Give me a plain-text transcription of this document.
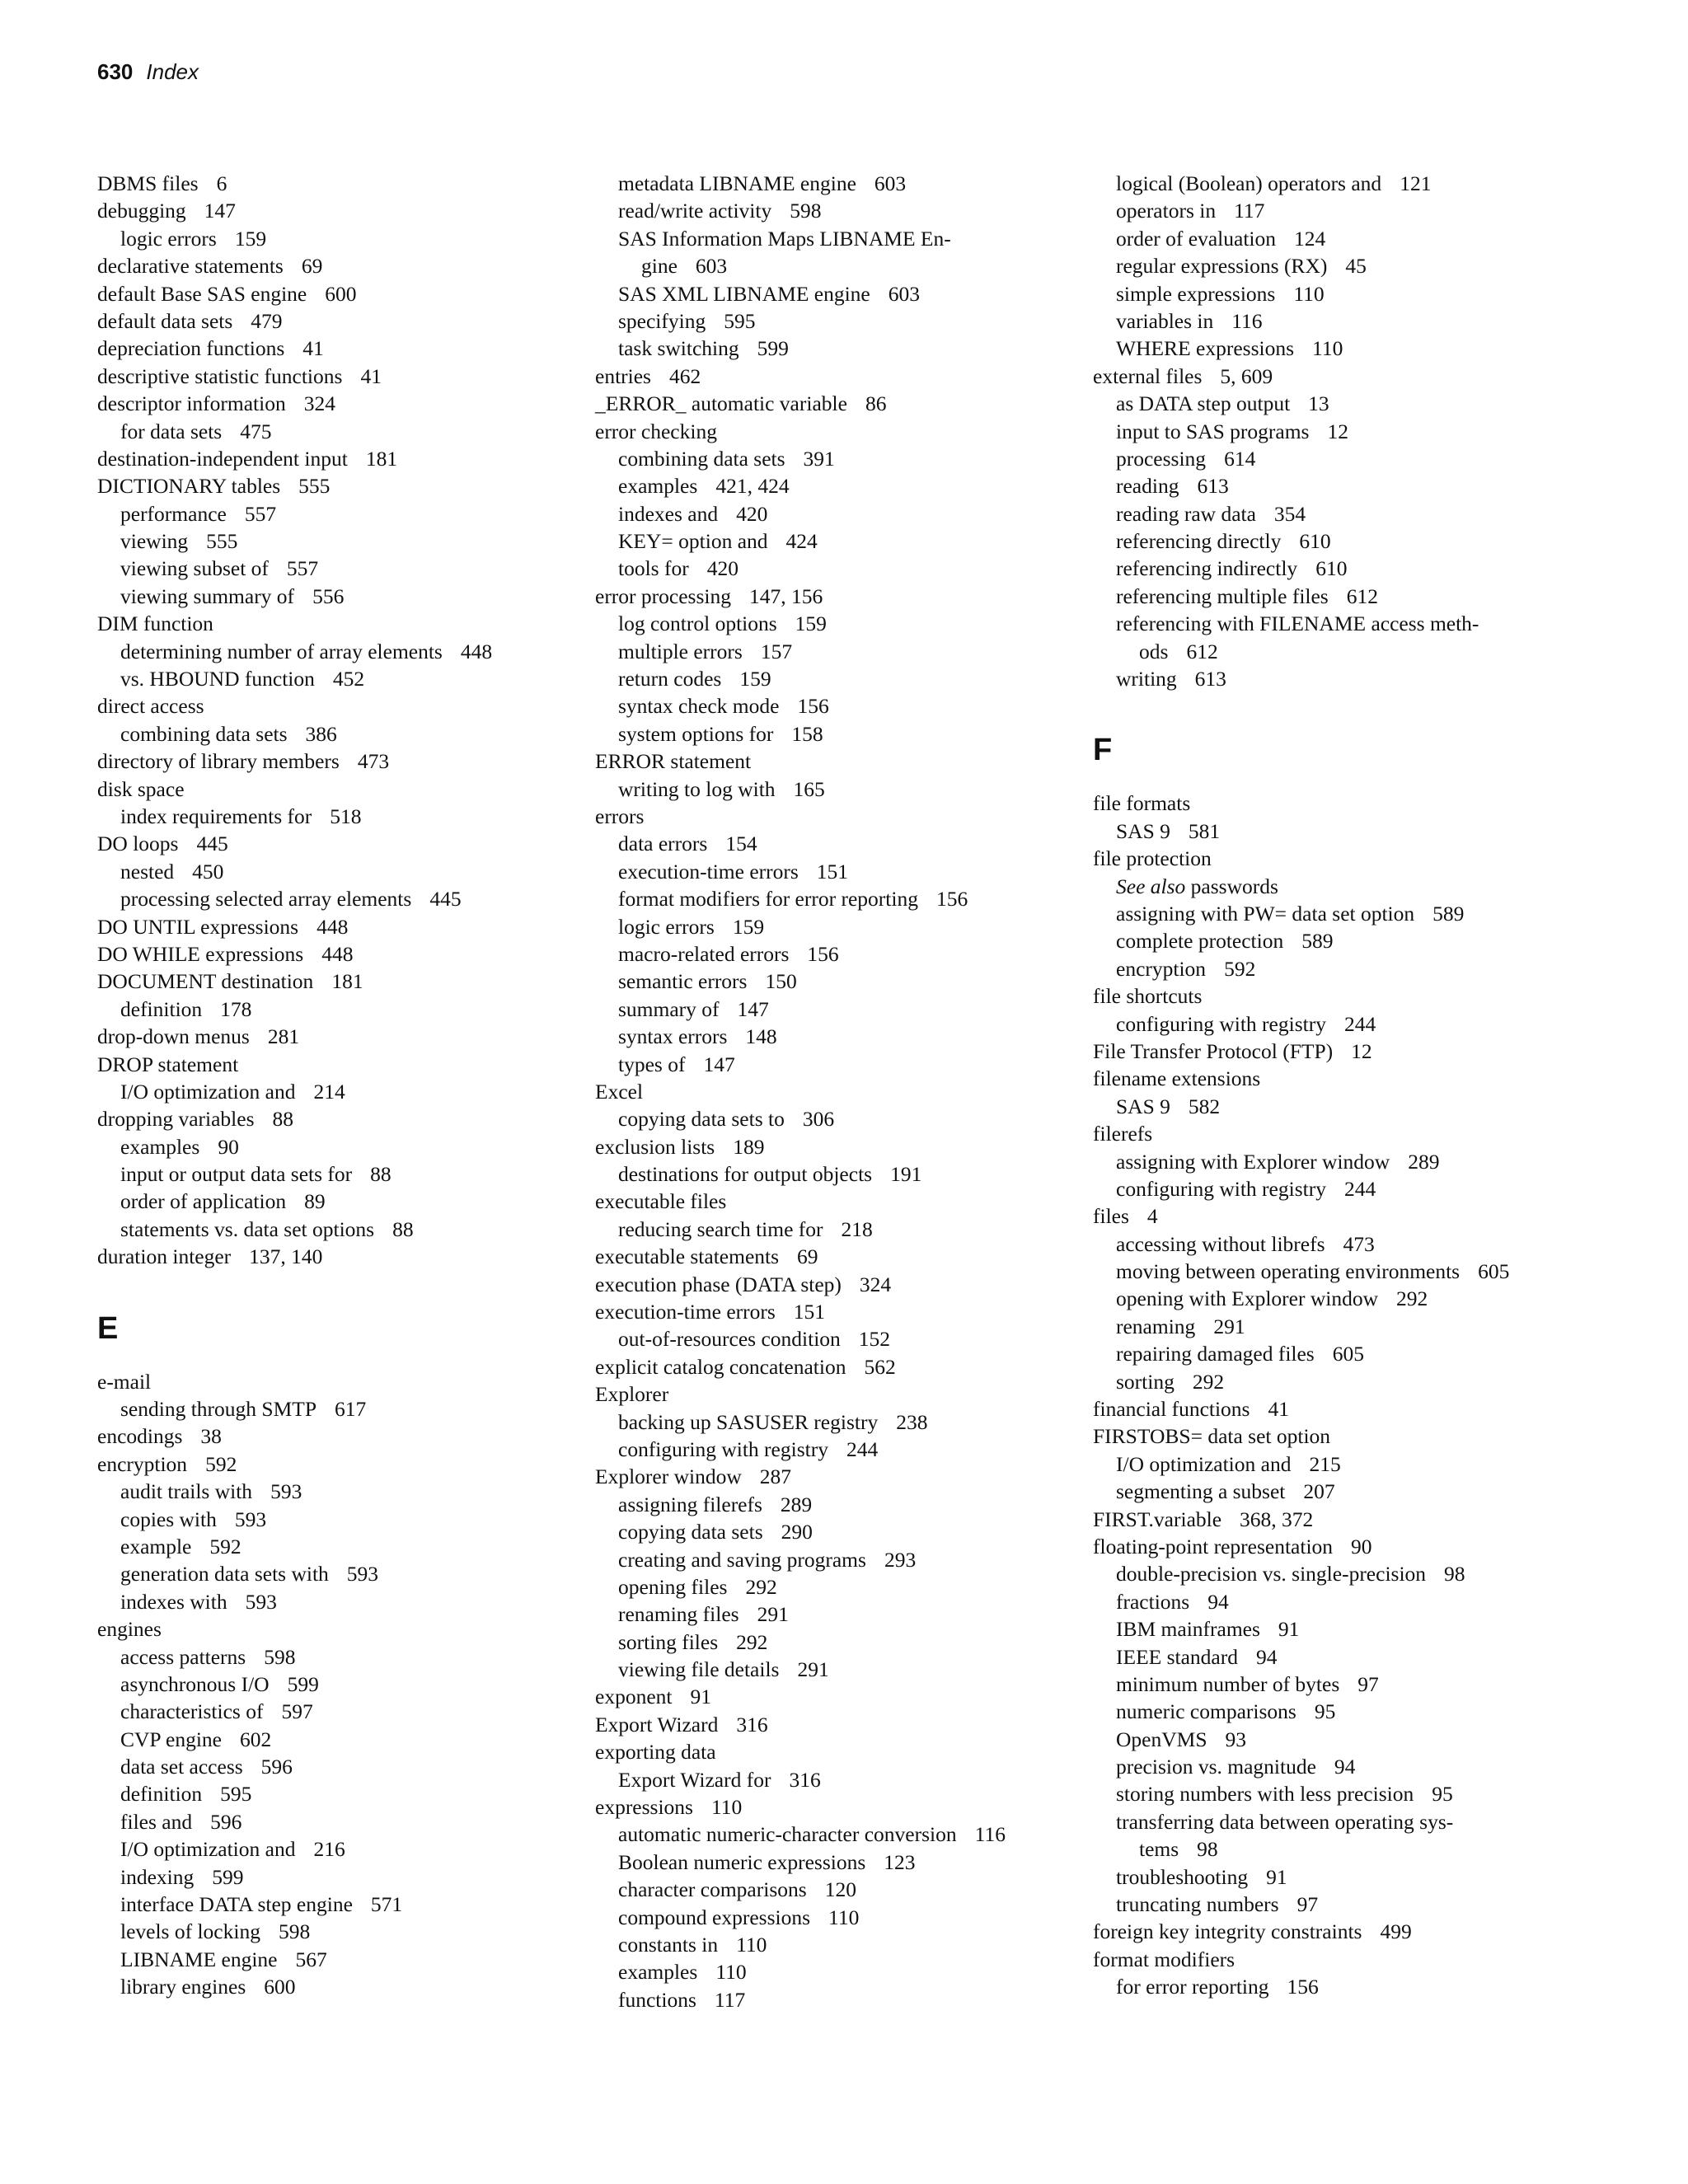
630 Index
DBMS files 6
debugging 147
logic errors 159
declarative statements 69
default Base SAS engine 600
default data sets 479
depreciation functions 41
descriptive statistic functions 41
descriptor information 324
for data sets 475
destination-independent input 181
DICTIONARY tables 555
performance 557
viewing 555
viewing subset of 557
viewing summary of 556
DIM function
determining number of array elements 448
vs. HBOUND function 452
direct access
combining data sets 386
directory of library members 473
disk space
index requirements for 518
DO loops 445
nested 450
processing selected array elements 445
DO UNTIL expressions 448
DO WHILE expressions 448
DOCUMENT destination 181
definition 178
drop-down menus 281
DROP statement
I/O optimization and 214
dropping variables 88
examples 90
input or output data sets for 88
order of application 89
statements vs. data set options 88
duration integer 137, 140
E
e-mail
sending through SMTP 617
encodings 38
encryption 592
audit trails with 593
copies with 593
example 592
generation data sets with 593
indexes with 593
engines
access patterns 598
asynchronous I/O 599
characteristics of 597
CVP engine 602
data set access 596
definition 595
files and 596
I/O optimization and 216
indexing 599
interface DATA step engine 571
levels of locking 598
LIBNAME engine 567
library engines 600
metadata LIBNAME engine 603
read/write activity 598
SAS Information Maps LIBNAME En-
gine 603
SAS XML LIBNAME engine 603
specifying 595
task switching 599
entries 462
_ERROR_ automatic variable 86
error checking
combining data sets 391
examples 421, 424
indexes and 420
KEY= option and 424
tools for 420
error processing 147, 156
log control options 159
multiple errors 157
return codes 159
syntax check mode 156
system options for 158
ERROR statement
writing to log with 165
errors
data errors 154
execution-time errors 151
format modifiers for error reporting 156
logic errors 159
macro-related errors 156
semantic errors 150
summary of 147
syntax errors 148
types of 147
Excel
copying data sets to 306
exclusion lists 189
destinations for output objects 191
executable files
reducing search time for 218
executable statements 69
execution phase (DATA step) 324
execution-time errors 151
out-of-resources condition 152
explicit catalog concatenation 562
Explorer
backing up SASUSER registry 238
configuring with registry 244
Explorer window 287
assigning filerefs 289
copying data sets 290
creating and saving programs 293
opening files 292
renaming files 291
sorting files 292
viewing file details 291
exponent 91
Export Wizard 316
exporting data
Export Wizard for 316
expressions 110
automatic numeric-character conversion 116
Boolean numeric expressions 123
character comparisons 120
compound expressions 110
constants in 110
examples 110
functions 117
logical (Boolean) operators and 121
operators in 117
order of evaluation 124
regular expressions (RX) 45
simple expressions 110
variables in 116
WHERE expressions 110
external files 5, 609
as DATA step output 13
input to SAS programs 12
processing 614
reading 613
reading raw data 354
referencing directly 610
referencing indirectly 610
referencing multiple files 612
referencing with FILENAME access meth-
ods 612
writing 613
F
file formats
SAS 9 581
file protection
See also passwords
assigning with PW= data set option 589
complete protection 589
encryption 592
file shortcuts
configuring with registry 244
File Transfer Protocol (FTP) 12
filename extensions
SAS 9 582
filerefs
assigning with Explorer window 289
configuring with registry 244
files 4
accessing without librefs 473
moving between operating environments 605
opening with Explorer window 292
renaming 291
repairing damaged files 605
sorting 292
financial functions 41
FIRSTOBS= data set option
I/O optimization and 215
segmenting a subset 207
FIRST.variable 368, 372
floating-point representation 90
double-precision vs. single-precision 98
fractions 94
IBM mainframes 91
IEEE standard 94
minimum number of bytes 97
numeric comparisons 95
OpenVMS 93
precision vs. magnitude 94
storing numbers with less precision 95
transferring data between operating sys-
tems 98
troubleshooting 91
truncating numbers 97
foreign key integrity constraints 499
format modifiers
for error reporting 156
